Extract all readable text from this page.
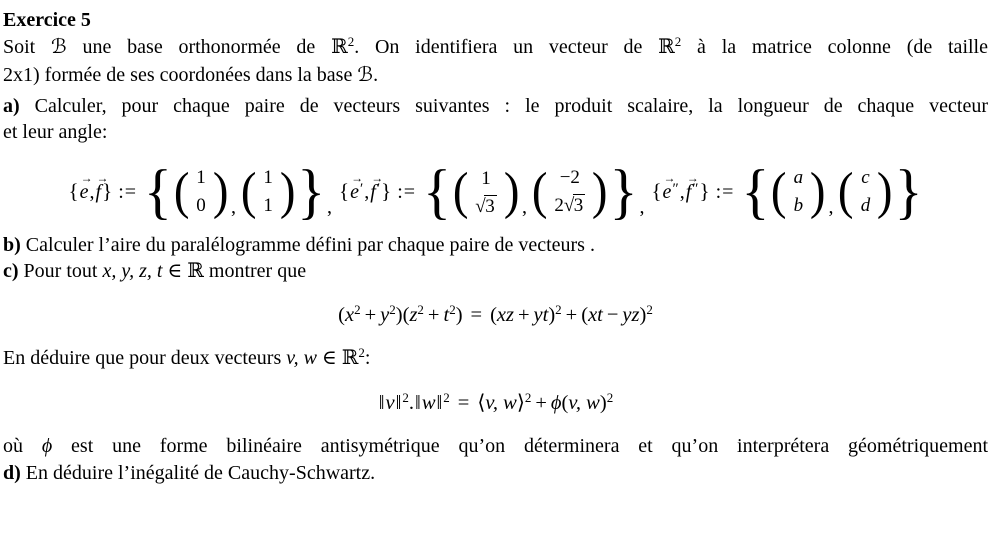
Exercice 5
Soit ℬ une base orthonormée de ℝ$^2$. On identifiera un vecteur de ℝ$^2$ à la matrice colonne (de taille
2x1) formée de ses coordonées dans la base ℬ.
a) Calculer, pour chaque paire de vecteurs suivantes : le produit scalaire, la longueur de chaque vecteur
et leur angle:
{
→
e ,
→
f } := { ( 1
0 ) , ( 1
1 ) } ,
{
→
e ′ ,
→
f ′ } := { ( 1
√ 3 ) , ( −2
2 √ 3 ) } ,
{
→
e ″ ,
→
f ″ } := { ( a
b ) , ( c
d ) }
b) Calculer l’aire du paralélogramme défini par chaque paire de vecteurs .
c) Pour tout x, y, z, t ∈ ℝ montrer que
$(x^2 + y^2)(z^2 + t^2) = (xz + yt)^2 + (xt - yz)^2$
En déduire que pour deux vecteurs v, w ∈ ℝ$^2$:
‖v‖$^2$.‖w‖$^2$ = ⟨v, w⟩$^2$ + ϕ(v, w)$^2$
où ϕ est une forme bilinéaire antisymétrique qu’on déterminera et qu’on interprétera géométriquement
d) En déduire l’inégalité de Cauchy-Schwartz.
